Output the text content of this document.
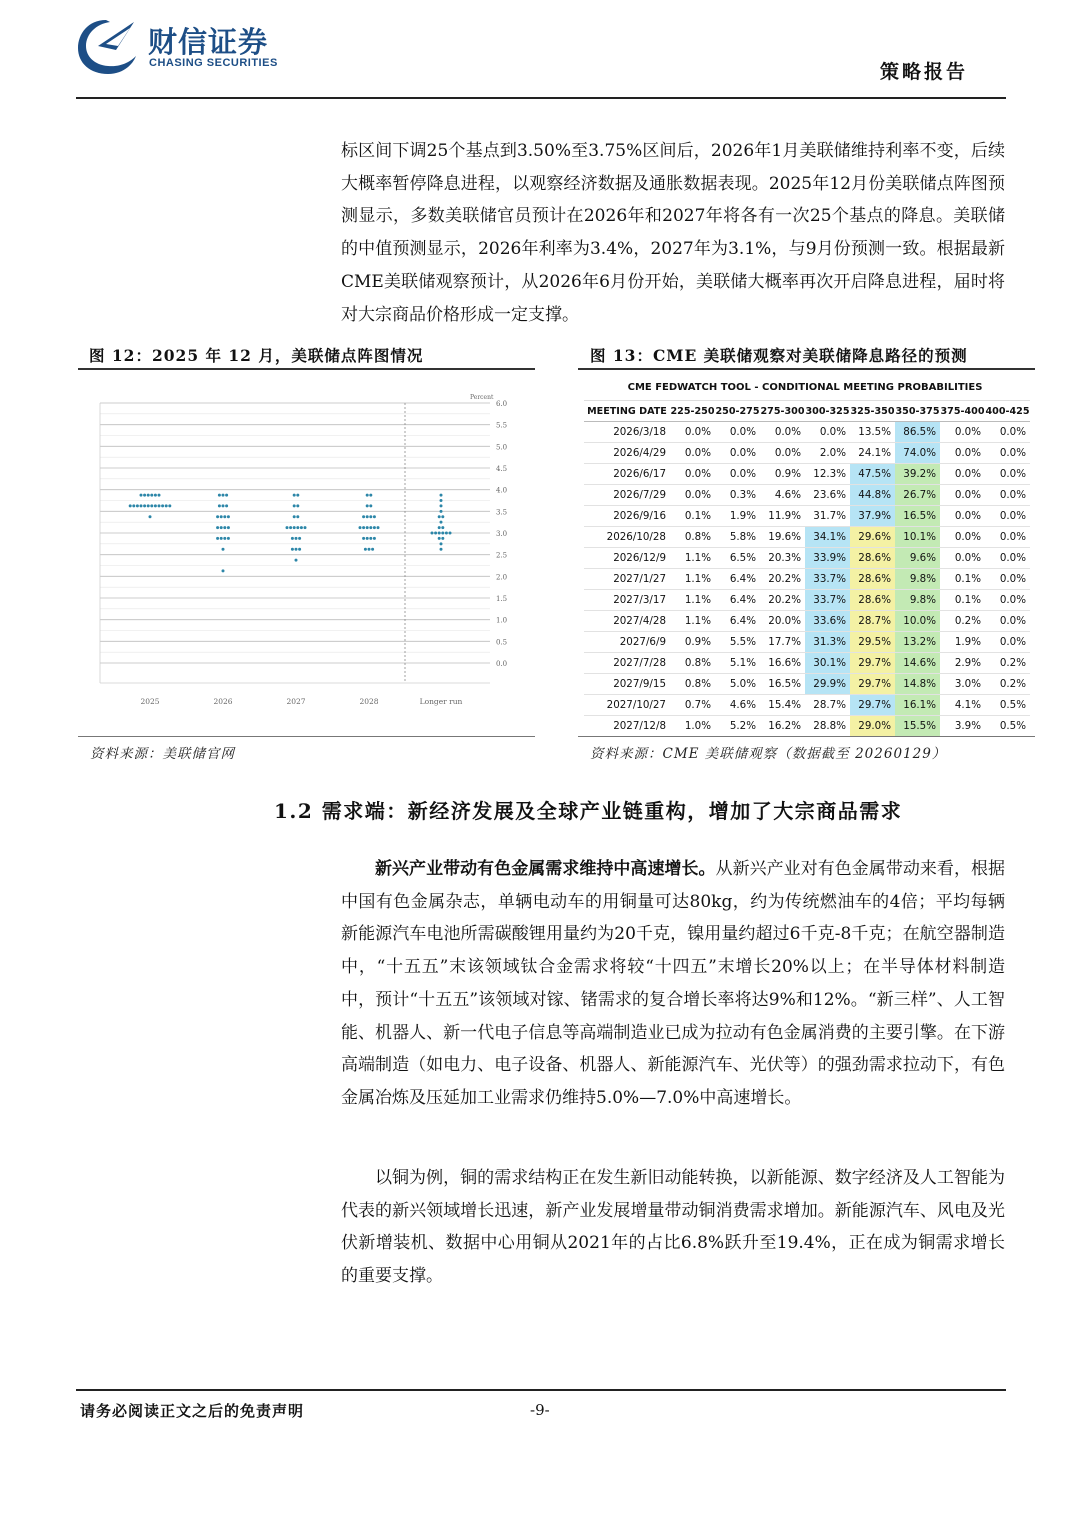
财信证券
CHASING SECURITIES	策略报告
标区间下调25个基点到3.50%至3.75%区间后，2026年1月美联储维持利率不变，后续大概率暂停降息进程，以观察经济数据及通胀数据表现。2025年12月份美联储点阵图预测显示，多数美联储官员预计在2026年和2027年将各有一次25个基点的降息。美联储的中值预测显示，2026年利率为3.4%，2027年为3.1%，与9月份预测一致。根据最新CME美联储观察预计，从2026年6月份开始，美联储大概率再次开启降息进程，届时将对大宗商品价格形成一定支撑。
图 12：2025 年 12 月，美联储点阵图情况
0.0
0.5
1.0
1.5
2.0
2.5
3.0
3.5
4.0
4.5
5.0
5.5
6.0
Percent
2025	2026	2027	2028	Longer run
资料来源：美联储官网
图 13：CME 美联储观察对美联储降息路径的预测
CME FEDWATCH TOOL - CONDITIONAL MEETING PROBABILITIES								
MEETING DATE	225-250	250-275	275-300	300-325	325-350	350-375	375-400	400-425
2026/3/18	0.0%	0.0%	0.0%	0.0%	13.5%	86.5%	0.0%	0.0%
2026/4/29	0.0%	0.0%	0.0%	2.0%	24.1%	74.0%	0.0%	0.0%
2026/6/17	0.0%	0.0%	0.9%	12.3%	47.5%	39.2%	0.0%	0.0%
2026/7/29	0.0%	0.3%	4.6%	23.6%	44.8%	26.7%	0.0%	0.0%
2026/9/16	0.1%	1.9%	11.9%	31.7%	37.9%	16.5%	0.0%	0.0%
2026/10/28	0.8%	5.8%	19.6%	34.1%	29.6%	10.1%	0.0%	0.0%
2026/12/9	1.1%	6.5%	20.3%	33.9%	28.6%	9.6%	0.0%	0.0%
2027/1/27	1.1%	6.4%	20.2%	33.7%	28.6%	9.8%	0.1%	0.0%
2027/3/17	1.1%	6.4%	20.2%	33.7%	28.6%	9.8%	0.1%	0.0%
2027/4/28	1.1%	6.4%	20.0%	33.6%	28.7%	10.0%	0.2%	0.0%
2027/6/9	0.9%	5.5%	17.7%	31.3%	29.5%	13.2%	1.9%	0.0%
2027/7/28	0.8%	5.1%	16.6%	30.1%	29.7%	14.6%	2.9%	0.2%
2027/9/15	0.8%	5.0%	16.5%	29.9%	29.7%	14.8%	3.0%	0.2%
2027/10/27	0.7%	4.6%	15.4%	28.7%	29.7%	16.1%	4.1%	0.5%
2027/12/8	1.0%	5.2%	16.2%	28.8%	29.0%	15.5%	3.9%	0.5%
资料来源：CME 美联储观察（数据截至 20260129）
1.2 需求端：新经济发展及全球产业链重构，增加了大宗商品需求
新兴产业带动有色金属需求维持中高速增长。从新兴产业对有色金属带动来看，根据中国有色金属杂志，单辆电动车的用铜量可达80kg，约为传统燃油车的4倍；平均每辆新能源汽车电池所需碳酸锂用量约为20千克，镍用量约超过6千克-8千克；在航空器制造中，“十五五”末该领域钛合金需求将较“十四五”末增长20%以上；在半导体材料制造中，预计“十五五”该领域对镓、锗需求的复合增长率将达9%和12%。“新三样”、人工智能、机器人、新一代电子信息等高端制造业已成为拉动有色金属消费的主要引擎。在下游高端制造（如电力、电子设备、机器人、新能源汽车、光伏等）的强劲需求拉动下，有色金属冶炼及压延加工业需求仍维持5.0%—7.0%中高速增长。
以铜为例，铜的需求结构正在发生新旧动能转换，以新能源、数字经济及人工智能为代表的新兴领域增长迅速，新产业发展增量带动铜消费需求增加。新能源汽车、风电及光伏新增装机、数据中心用铜从2021年的占比6.8%跃升至19.4%，正在成为铜需求增长的重要支撑。
请务必阅读正文之后的免责声明	-9-
